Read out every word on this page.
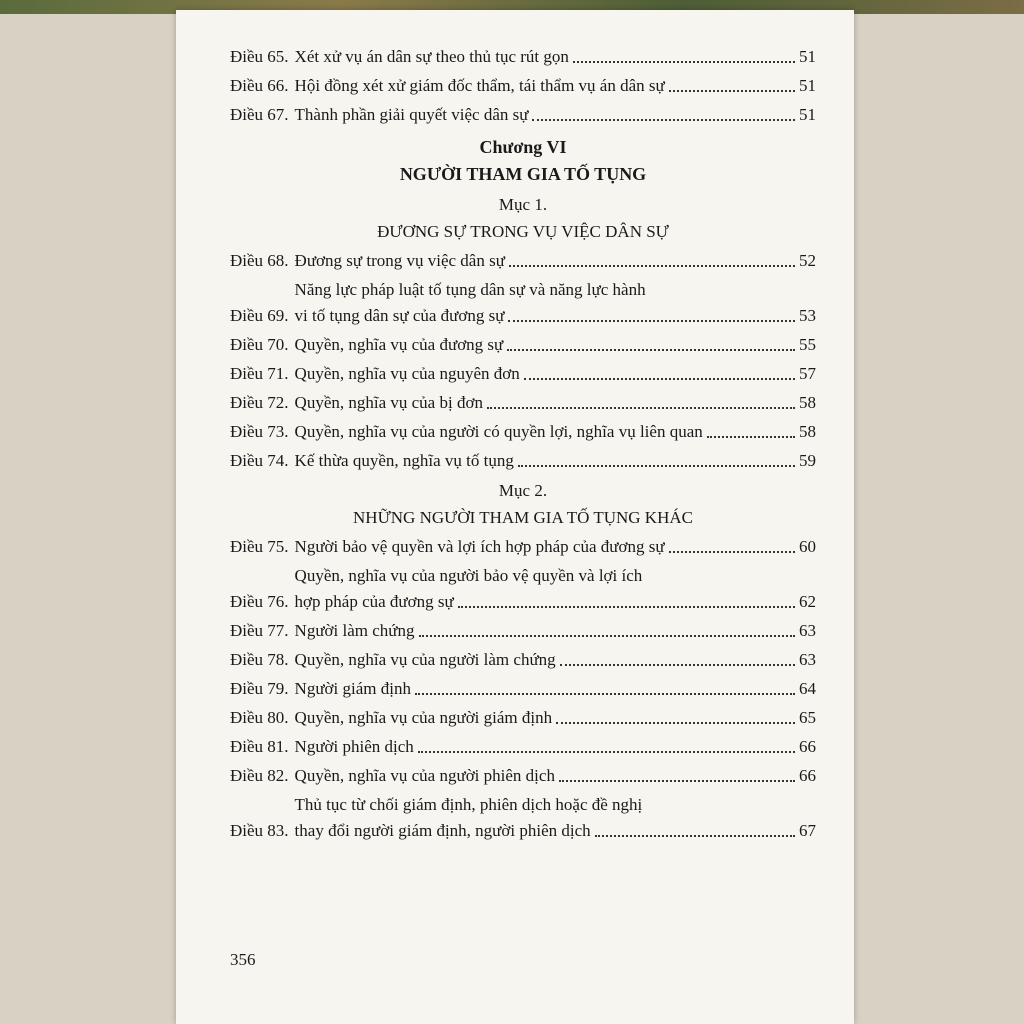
Điều 65. Xét xử vụ án dân sự theo thủ tục rút gọn	51
Điều 66. Hội đồng xét xử giám đốc thẩm, tái thẩm vụ án dân sự	51
Điều 67. Thành phần giải quyết việc dân sự	51
Chương VI
NGƯỜI THAM GIA TỐ TỤNG
Mục 1.
ĐƯƠNG SỰ TRONG VỤ VIỆC DÂN SỰ
Điều 68. Đương sự trong vụ việc dân sự	52
Điều 69.
Năng lực pháp luật tố tụng dân sự và năng lực hành
vi tố tụng dân sự của đương sự	53
Điều 70. Quyền, nghĩa vụ của đương sự	55
Điều 71. Quyền, nghĩa vụ của nguyên đơn	57
Điều 72. Quyền, nghĩa vụ của bị đơn	58
Điều 73. Quyền, nghĩa vụ của người có quyền lợi, nghĩa vụ liên quan	58
Điều 74. Kế thừa quyền, nghĩa vụ tố tụng	59
Mục 2.
NHỮNG NGƯỜI THAM GIA TỐ TỤNG KHÁC
Điều 75. Người bảo vệ quyền và lợi ích hợp pháp của đương sự	60
Điều 76.
Quyền, nghĩa vụ của người bảo vệ quyền và lợi ích
hợp pháp của đương sự	62
Điều 77. Người làm chứng	63
Điều 78. Quyền, nghĩa vụ của người làm chứng	63
Điều 79. Người giám định	64
Điều 80. Quyền, nghĩa vụ của người giám định	65
Điều 81. Người phiên dịch	66
Điều 82. Quyền, nghĩa vụ của người phiên dịch	66
Điều 83.
Thủ tục từ chối giám định, phiên dịch hoặc đề nghị
thay đổi người giám định, người phiên dịch	67
356
